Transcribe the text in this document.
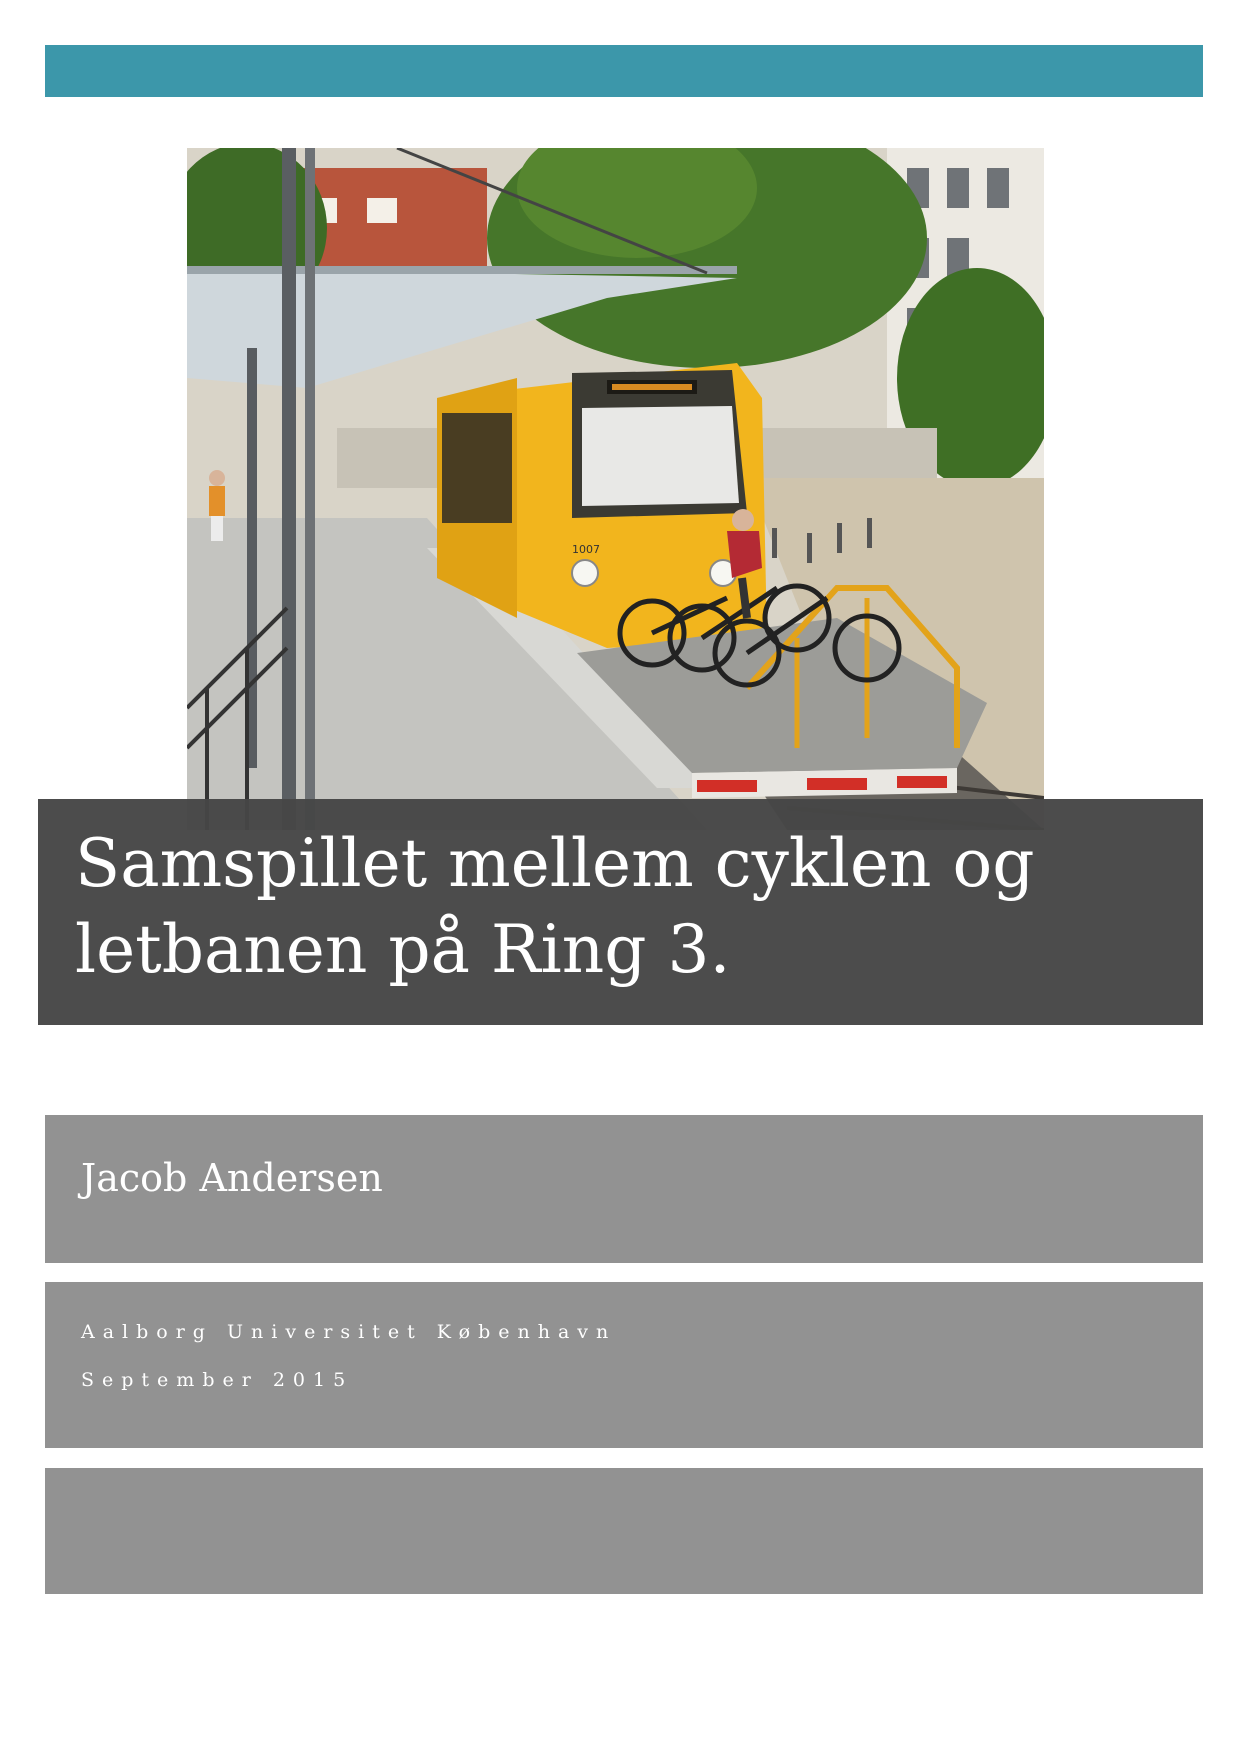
1007
Samspillet mellem cyklen og letbanen på Ring 3.

Jacob Andersen

Aalborg Universitet København

September 2015
